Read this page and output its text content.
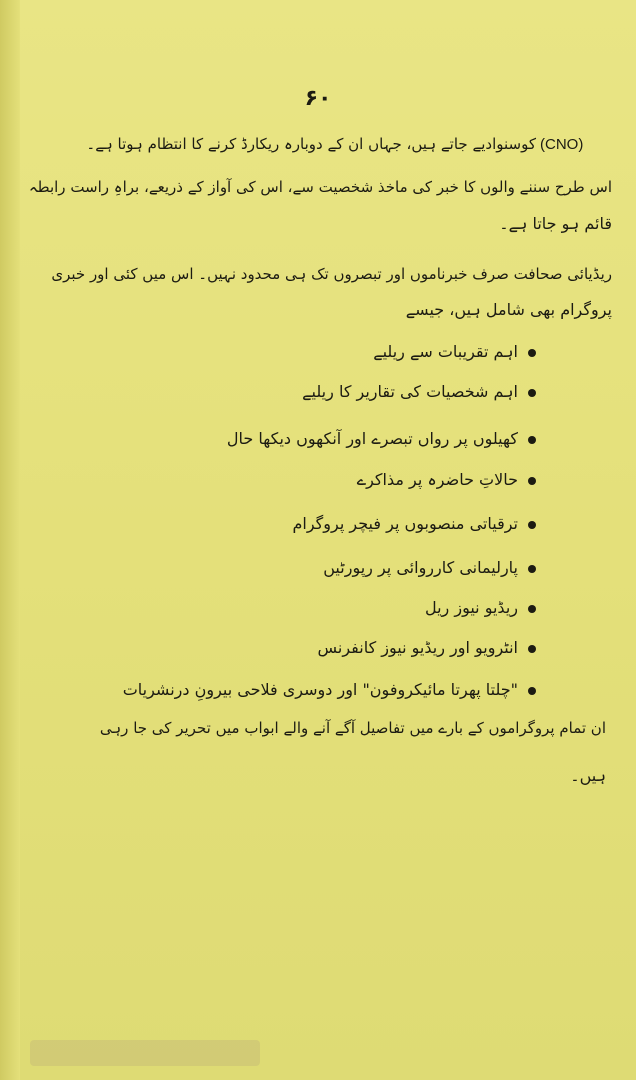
۶۰
(CNO)
کوسنوادیے جاتے ہیں، جہاں ان کے دوبارہ ریکارڈ کرنے کا انتظام ہوتا ہے۔
اس طرح سننے والوں کا خبر کی ماخذ شخصیت سے، اس کی آواز کے ذریعے، براہِ راست رابطہ
قائم ہو جاتا ہے۔
ریڈیائی صحافت صرف خبرناموں اور تبصروں تک ہی محدود نہیں۔ اس میں کئی اور خبری
پروگرام بھی شامل ہیں، جیسے
اہم تقریبات سے ریلیے
اہم شخصیات کی تقاریر کا ریلیے
کھیلوں پر رواں تبصرے اور آنکھوں دیکھا حال
حالاتِ حاضرہ پر مذاکرے
ترقیاتی منصوبوں پر فیچر پروگرام
پارلیمانی کارروائی پر رپورٹیں
ریڈیو نیوز ریل
انٹرویو اور ریڈیو نیوز کانفرنس
"چلتا پھرتا مائیکروفون" اور دوسری فلاحی بیرونِ درنشریات
ان تمام پروگراموں کے بارے میں تفاصیل آگے آنے والے ابواب میں تحریر کی جا رہی
ہیں۔
